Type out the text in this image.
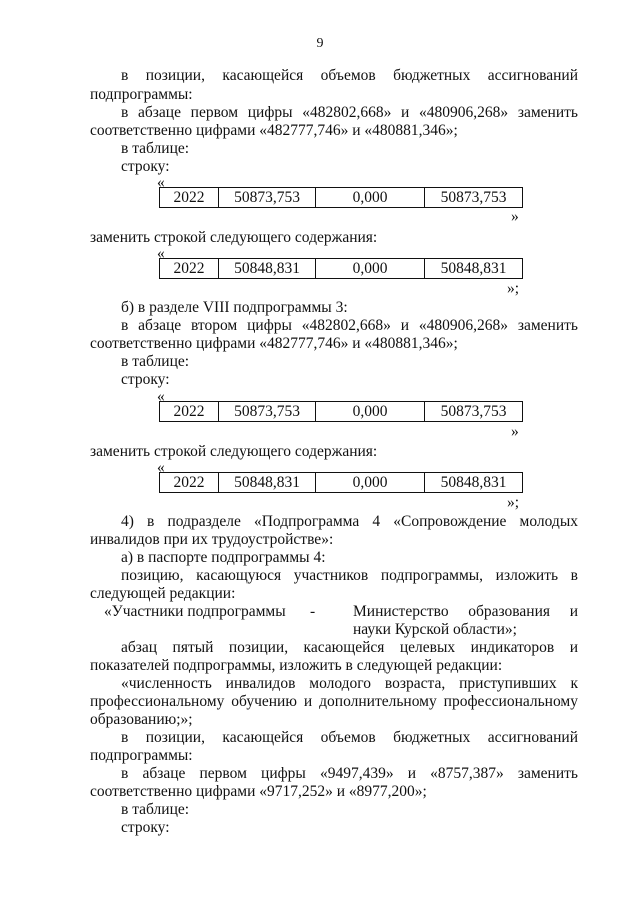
9
в позиции, касающейся объемов бюджетных ассигнований
подпрограммы:
в абзаце первом цифры «482802,668» и «480906,268» заменить
соответственно цифрами «482777,746» и «480881,346»;
в таблице:
строку:
«
2022	50873,753	0,000	50873,753
»
заменить строкой следующего содержания:
«
2022	50848,831	0,000	50848,831
»;
б) в разделе VIII подпрограммы 3:
в абзаце втором цифры «482802,668» и «480906,268» заменить
соответственно цифрами «482777,746» и «480881,346»;
в таблице:
строку:
«
2022	50873,753	0,000	50873,753
»
заменить строкой следующего содержания:
«
2022	50848,831	0,000	50848,831
»;
4) в подразделе «Подпрограмма 4 «Сопровождение молодых
инвалидов при их трудоустройстве»:
а) в паспорте подпрограммы 4:
позицию, касающуюся участников подпрограммы, изложить в
следующей редакции:
«Участники подпрограммы - Министерство образования и
науки Курской области»;
абзац пятый позиции, касающейся целевых индикаторов и
показателей подпрограммы, изложить в следующей редакции:
«численность инвалидов молодого возраста, приступивших к
профессиональному обучению и дополнительному профессиональному
образованию;»;
в позиции, касающейся объемов бюджетных ассигнований
подпрограммы:
в абзаце первом цифры «9497,439» и «8757,387» заменить
соответственно цифрами «9717,252» и «8977,200»;
в таблице:
строку:
